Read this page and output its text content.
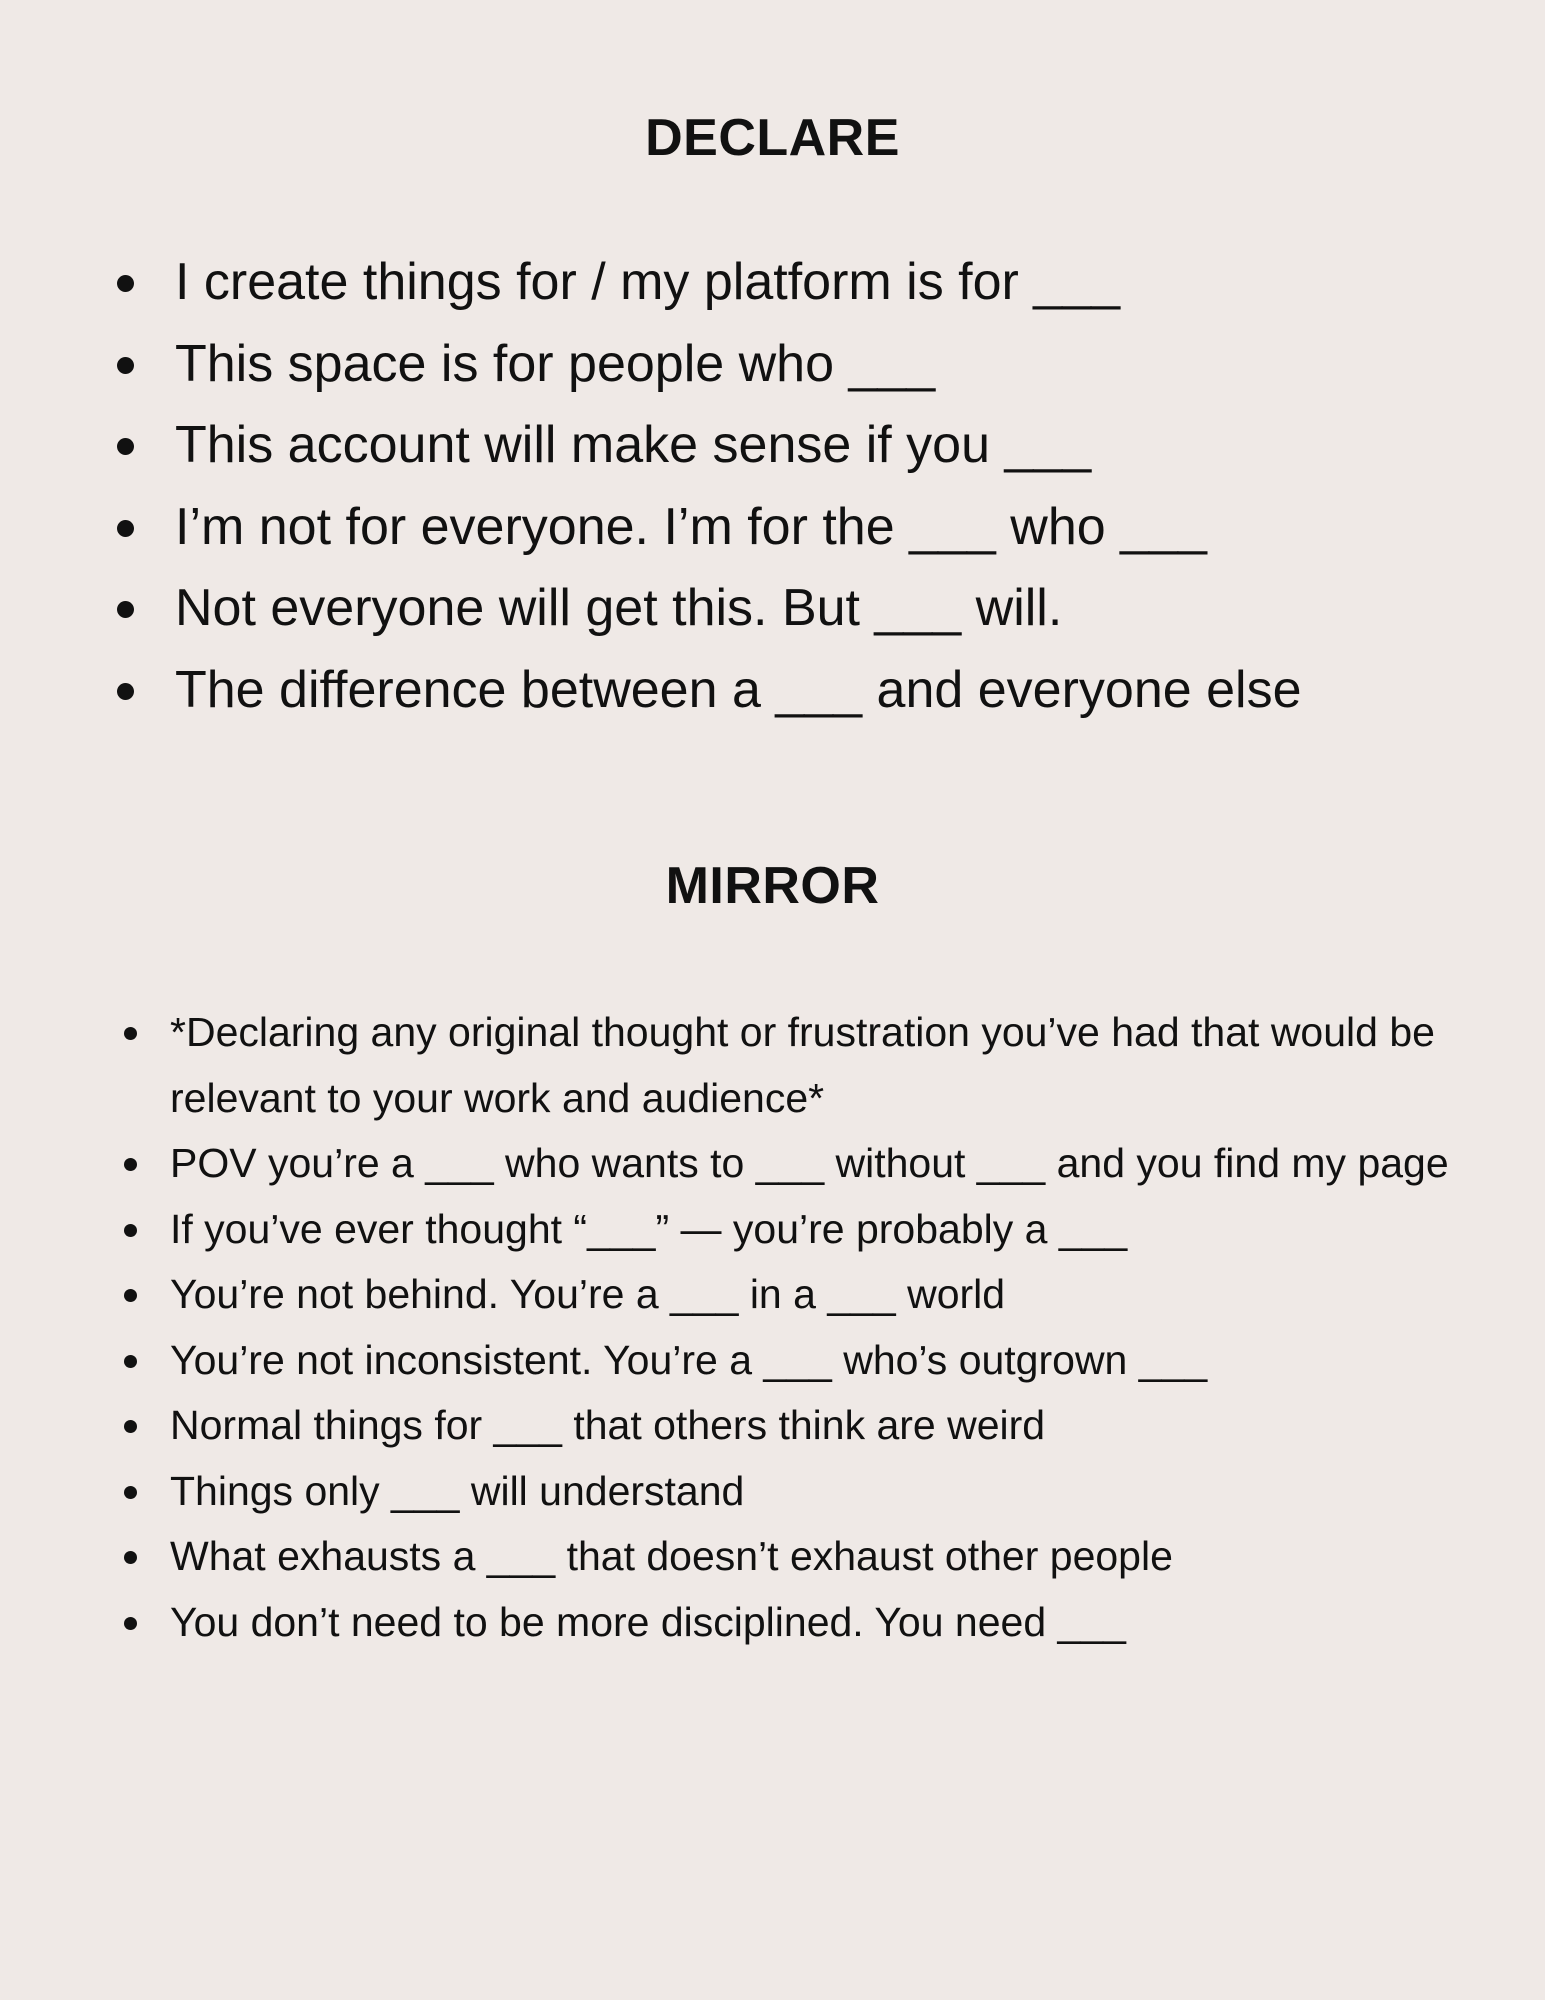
DECLARE
I create things for / my platform is for ___
This space is for people who ___
This account will make sense if you ___
I’m not for everyone. I’m for the ___ who ___
Not everyone will get this. But ___ will.
The difference between a ___ and everyone else
MIRROR
*Declaring any original thought or frustration you’ve had that would be relevant to your work and audience*
POV you’re a ___ who wants to ___ without ___ and you find my page
If you’ve ever thought “___” — you’re probably a ___
You’re not behind. You’re a ___ in a ___ world
You’re not inconsistent. You’re a ___ who’s outgrown ___
Normal things for ___ that others think are weird
Things only ___ will understand
What exhausts a ___ that doesn’t exhaust other people
You don’t need to be more disciplined. You need ___
